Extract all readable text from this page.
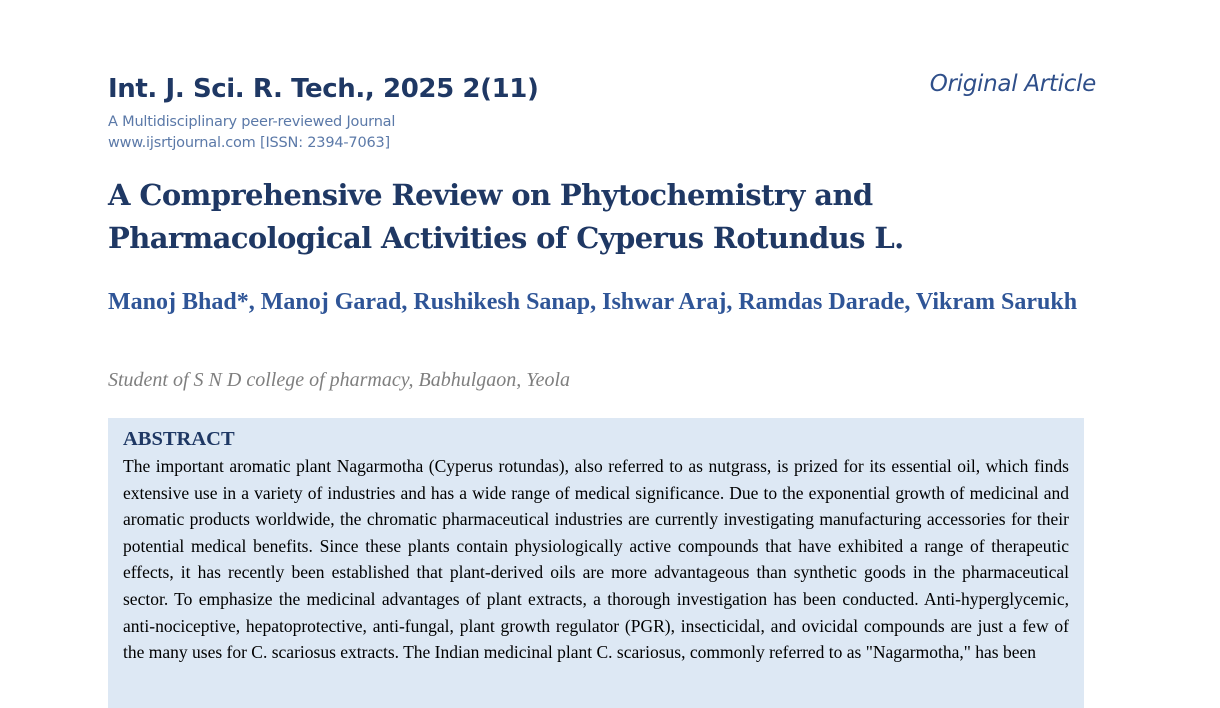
Int. J. Sci. R. Tech., 2025 2(11)
A Multidisciplinary peer-reviewed Journal
www.ijsrtjournal.com [ISSN: 2394-7063]
Original Article
A Comprehensive Review on Phytochemistry and Pharmacological Activities of Cyperus Rotundus L.
Manoj Bhad*, Manoj Garad, Rushikesh Sanap, Ishwar Araj, Ramdas Darade, Vikram Sarukh
Student of S N D college of pharmacy, Babhulgaon, Yeola
ABSTRACT

The important aromatic plant Nagarmotha (Cyperus rotundas), also referred to as nutgrass, is prized for its essential oil, which finds extensive use in a variety of industries and has a wide range of medical significance. Due to the exponential growth of medicinal and aromatic products worldwide, the chromatic pharmaceutical industries are currently investigating manufacturing accessories for their potential medical benefits. Since these plants contain physiologically active compounds that have exhibited a range of therapeutic effects, it has recently been established that plant-derived oils are more advantageous than synthetic goods in the pharmaceutical sector. To emphasize the medicinal advantages of plant extracts, a thorough investigation has been conducted. Anti-hyperglycemic, anti-nociceptive, hepatoprotective, anti-fungal, plant growth regulator (PGR), insecticidal, and ovicidal compounds are just a few of the many uses for C. scariosus extracts. The Indian medicinal plant C. scariosus, commonly referred to as "Nagarmotha," has been
